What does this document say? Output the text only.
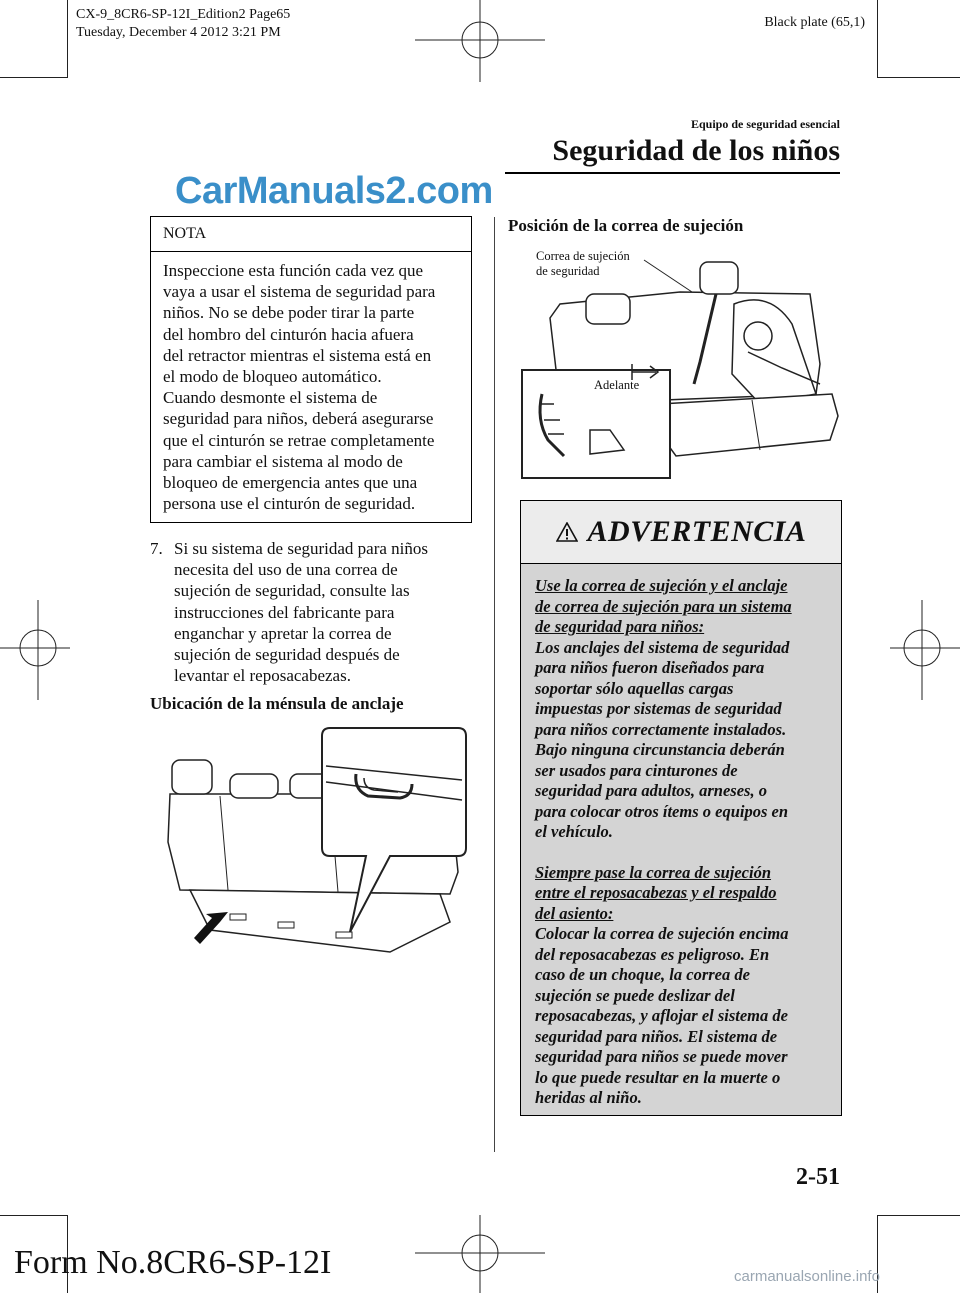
CX-9_8CR6-SP-12I_Edition2 Page65
Tuesday, December 4 2012 3:21 PM
Black plate (65,1)
Equipo de seguridad esencial
Seguridad de los niños
CarManuals2.com
NOTA
Inspeccione esta función cada vez que
vaya a usar el sistema de seguridad para
niños. No se debe poder tirar la parte
del hombro del cinturón hacia afuera
del retractor mientras el sistema está en
el modo de bloqueo automático.
Cuando desmonte el sistema de
seguridad para niños, deberá asegurarse
que el cinturón se retrae completamente
para cambiar el sistema al modo de
bloqueo de emergencia antes que una
persona use el cinturón de seguridad.
7. Si su sistema de seguridad para niños
necesita del uso de una correa de
sujeción de seguridad, consulte las
instrucciones del fabricante para
enganchar y apretar la correa de
sujeción de seguridad después de
levantar el reposacabezas.
Ubicación de la ménsula de anclaje
Posición de la correa de sujeción
Correa de sujeción
de seguridad
Adelante
ADVERTENCIA
Use la correa de sujeción y el anclaje
de correa de sujeción para un sistema
de seguridad para niños:
Los anclajes del sistema de seguridad
para niños fueron diseñados para
soportar sólo aquellas cargas
impuestas por sistemas de seguridad
para niños correctamente instalados.
Bajo ninguna circunstancia deberán
ser usados para cinturones de
seguridad para adultos, arneses, o
para colocar otros ítems o equipos en
el vehículo.
Siempre pase la correa de sujeción
entre el reposacabezas y el respaldo
del asiento:
Colocar la correa de sujeción encima
del reposacabezas es peligroso. En
caso de un choque, la correa de
sujeción se puede deslizar del
reposacabezas, y aflojar el sistema de
seguridad para niños. El sistema de
seguridad para niños se puede mover
lo que puede resultar en la muerte o
heridas al niño.
2-51
Form No.8CR6-SP-12I	carmanualsonline.info
